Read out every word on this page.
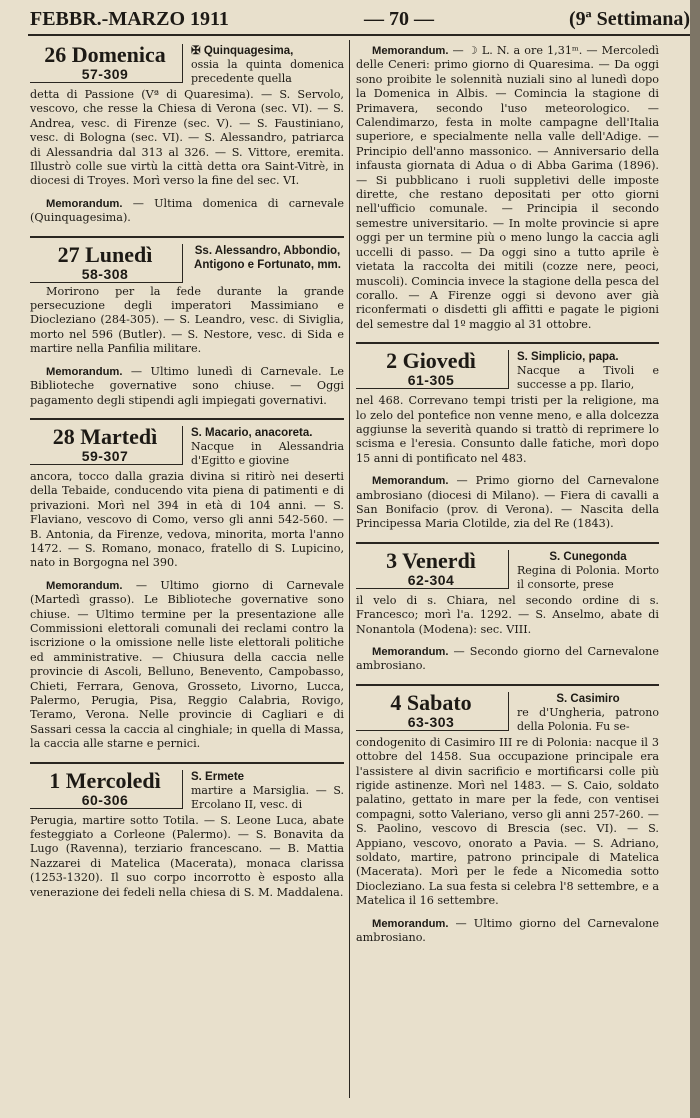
FEBBR.-MARZO 1911	— 70 —	(9ª Settimana)
26 Domenica
57-309
✠ Quinquagesima,
ossia la quinta domenica precedente quella
detta di Passione (Vª di Quaresima). — S. Servolo, vescovo, che resse la Chiesa di Verona (sec. VI). — S. Andrea, vesc. di Firenze (sec. V). — S. Faustiniano, vesc. di Bologna (sec. VI). — S. Alessandro, patriarca di Alessandria dal 313 al 326. — S. Vittore, eremita. Illustrò colle sue virtù la città detta ora Saint-Vitrè, in diocesi di Troyes. Morì verso la fine del sec. VI.
Memorandum. — Ultima domenica di carnevale (Quinquagesima).
27 Lunedì
58-308
Ss. Alessandro, Abbondio, Antigono e Fortunato, mm.
Morirono per la fede durante la grande persecuzione degli imperatori Massimiano e Diocleziano (284-305). — S. Leandro, vesc. di Siviglia, morto nel 596 (Butler). — S. Nestore, vesc. di Sida e martire nella Panfilia militare.
Memorandum. — Ultimo lunedì di Carnevale. Le Biblioteche governative sono chiuse. — Oggi pagamento degli stipendi agli impiegati governativi.
28 Martedì
59-307
S. Macario, anacoreta.
Nacque in Alessandria d'Egitto e giovine
ancora, tocco dalla grazia divina si ritirò nei deserti della Tebaide, conducendo vita piena di patimenti e di privazioni. Morì nel 394 in età di 104 anni. — S. Flaviano, vescovo di Como, verso gli anni 542-560. — B. Antonia, da Firenze, vedova, minorita, morta l'anno 1472. — S. Romano, monaco, fratello di S. Lupicino, nato in Borgogna nel 390.
Memorandum. — Ultimo giorno di Carnevale (Martedì grasso). Le Biblioteche governative sono chiuse. — Ultimo termine per la presentazione alle Commissioni elettorali comunali dei reclami contro la iscrizione o la omissione nelle liste elettorali politiche ed amministrative. — Chiusura della caccia nelle provincie di Ascoli, Belluno, Benevento, Campobasso, Chieti, Ferrara, Genova, Grosseto, Livorno, Lucca, Palermo, Perugia, Pisa, Reggio Calabria, Rovigo, Teramo, Verona. Nelle provincie di Cagliari e di Sassari cessa la caccia al cinghiale; in quella di Massa, la caccia alle starne e pernici.
1 Mercoledì
60-306
S. Ermete
martire a Marsiglia. — S. Ercolano II, vesc. di
Perugia, martire sotto Totila. — S. Leone Luca, abate festeggiato a Corleone (Palermo). — S. Bonavita da Lugo (Ravenna), terziario francescano. — B. Mattia Nazzarei di Matelica (Macerata), monaca clarissa (1253-1320). Il suo corpo incorrotto è esposto alla venerazione dei fedeli nella chiesa di S. M. Maddalena.
Memorandum. — ☽ L. N. a ore 1,31ᵐ. — Mercoledì delle Ceneri: primo giorno di Quaresima. — Da oggi sono proibite le solennità nuziali sino al lunedì dopo la Domenica in Albis. — Comincia la stagione di Primavera, secondo l'uso meteorologico. — Calendimarzo, festa in molte campagne dell'Italia superiore, e specialmente nella valle dell'Adige. — Principio dell'anno massonico. — Anniversario della infausta giornata di Adua o di Abba Garima (1896). — Si pubblicano i ruoli suppletivi delle imposte dirette, che restano depositati per otto giorni nell'ufficio comunale. — Principia il secondo semestre universitario. — In molte provincie si apre oggi per un termine più o meno lungo la caccia agli uccelli di passo. — Da oggi sino a tutto aprile è vietata la raccolta dei mitili (cozze nere, peoci, muscoli). Comincia invece la stagione della pesca del corallo. — A Firenze oggi si devono aver già riconfermati o disdetti gli affitti e pagate le pigioni del semestre dal 1º maggio al 31 ottobre.
2 Giovedì
61-305
S. Simplicio, papa.
Nacque a Tivoli e successe a pp. Ilario,
nel 468. Correvano tempi tristi per la religione, ma lo zelo del pontefice non venne meno, e alla dolcezza aggiunse la severità quando si trattò di reprimere lo scisma e l'eresia. Consunto dalle fatiche, morì dopo 15 anni di pontificato nel 483.
Memorandum. — Primo giorno del Carnevalone ambrosiano (diocesi di Milano). — Fiera di cavalli a San Bonifacio (prov. di Verona). — Nascita della Principessa Maria Clotilde, zia del Re (1843).
3 Venerdì
62-304
S. Cunegonda
Regina di Polonia. Morto il consorte, prese
il velo di s. Chiara, nel secondo ordine di s. Francesco; morì l'a. 1292. — S. Anselmo, abate di Nonantola (Modena): sec. VIII.
Memorandum. — Secondo giorno del Carnevalone ambrosiano.
4 Sabato
63-303
S. Casimiro
re d'Ungheria, patrono della Polonia. Fu se-
condogenito di Casimiro III re di Polonia: nacque il 3 ottobre del 1458. Sua occupazione principale era l'assistere al divin sacrificio e mortificarsi colle più rigide astinenze. Morì nel 1483. — S. Caio, soldato palatino, gettato in mare per la fede, con ventisei compagni, sotto Valeriano, verso gli anni 257-260. — S. Paolino, vescovo di Brescia (sec. VI). — S. Appiano, vescovo, onorato a Pavia. — S. Adriano, soldato, martire, patrono principale di Matelica (Macerata). Morì per le fede a Nicomedia sotto Diocleziano. La sua festa si celebra l'8 settembre, e a Matelica il 16 settembre.
Memorandum. — Ultimo giorno del Carnevalone ambrosiano.
